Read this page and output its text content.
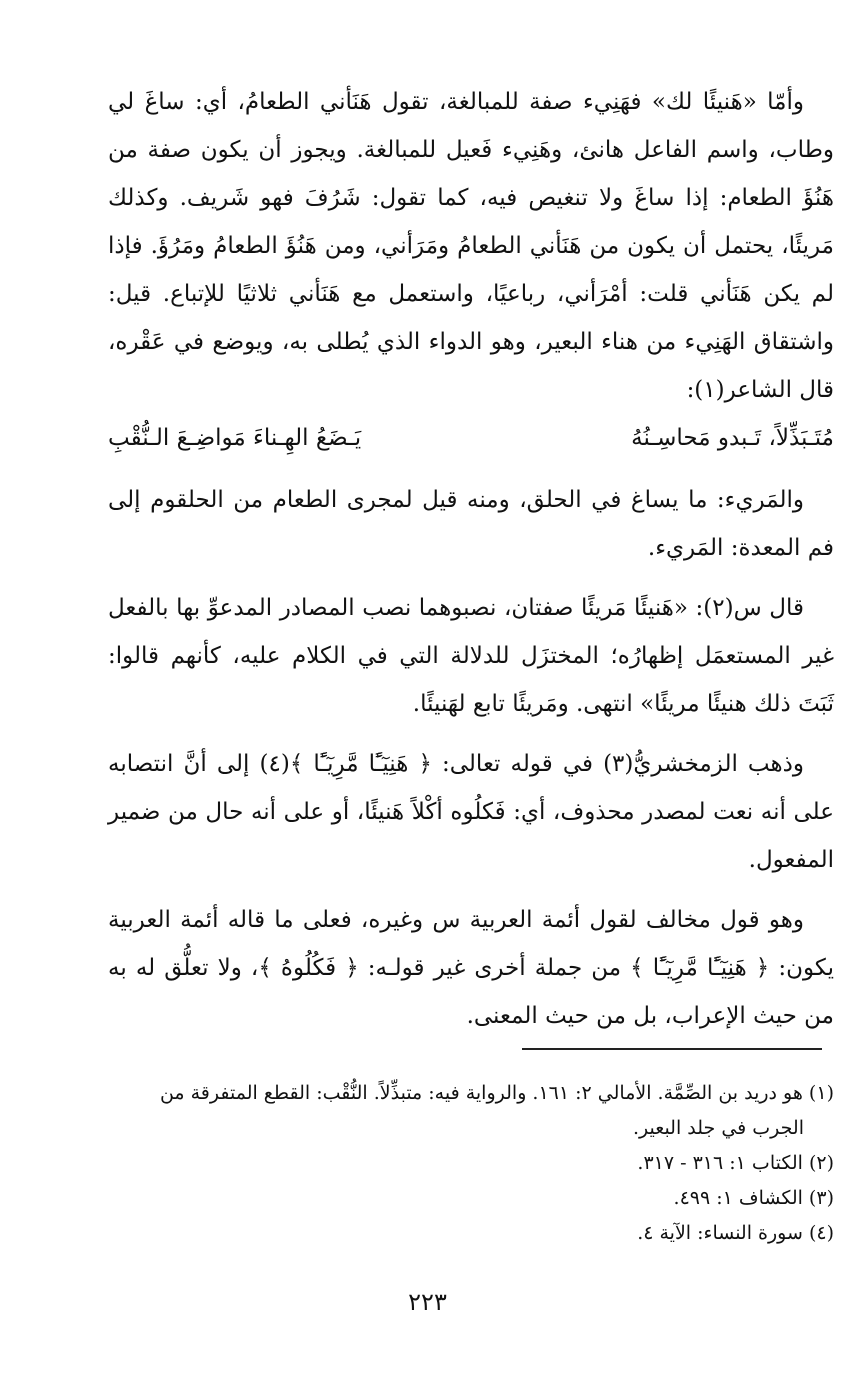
وأمّا «هَنيئًا لك» فهَنِيء صفة للمبالغة، تقول هَنَأني الطعامُ، أي: ساغَ لي وطاب، واسم الفاعل هانئ، وهَنِيء فَعيل للمبالغة. ويجوز أن يكون صفة من هَنُؤَ الطعام: إذا ساغَ ولا تنغيص فيه، كما تقول: شَرُفَ فهو شَريف. وكذلك مَريئًا، يحتمل أن يكون من هَنَأني الطعامُ ومَرَأني، ومن هَنُؤَ الطعامُ ومَرُؤَ. فإذا لم يكن هَنَأني قلت: أمْرَأني، رباعيًا، واستعمل مع هَنَأني ثلاثيًا للإتباع. قيل: واشتقاق الهَنِيء من هناء البعير، وهو الدواء الذي يُطلى به، ويوضع في عَقْره، قال الشاعر(١):

مُتَـبَذِّلاً، تَـبدو مَحاسِـنُهُ
يَـضَعُ الهِـناءَ مَواضِـعَ الـنُّقْبِ

والمَريء: ما يساغ في الحلق، ومنه قيل لمجرى الطعام من الحلقوم إلى فم المعدة: المَريء.

قال س(٢): «هَنيئًا مَريئًا صفتان، نصبوهما نصب المصادر المدعوِّ بها بالفعل غير المستعمَل إظهارُه؛ المختزَل للدلالة التي في الكلام عليه، كأنهم قالوا: ثَبَتَ ذلك هنيئًا مريئًا» انتهى. ومَريئًا تابع لهَنيئًا.

وذهب الزمخشريُّ(٣) في قوله تعالى: ﴿ هَنِيٓـًٔا مَّرِيٓـًٔا ﴾(٤) إلى أنَّ انتصابه على أنه نعت لمصدر محذوف، أي: فَكلُوه أكْلاً هَنيئًا، أو على أنه حال من ضمير المفعول.

وهو قول مخالف لقول أئمة العربية س وغيره، فعلى ما قاله أئمة العربية يكون: ﴿ هَنِيٓـًٔا مَّرِيٓـًٔا ﴾ من جملة أخرى غير قولـه: ﴿ فَكُلُوهُ ﴾، ولا تعلُّق له به من حيث الإعراب، بل من حيث المعنى.

(١) هو دريد بن الصِّمَّة. الأمالي ٢: ١٦١. والرواية فيه: متبذِّلاً. النُّقْب: القطع المتفرقة من

الجرب في جلد البعير.

(٢) الكتاب ١: ٣١٦ - ٣١٧.

(٣) الكشاف ١: ٤٩٩.

(٤) سورة النساء: الآية ٤.

٢٢٣
